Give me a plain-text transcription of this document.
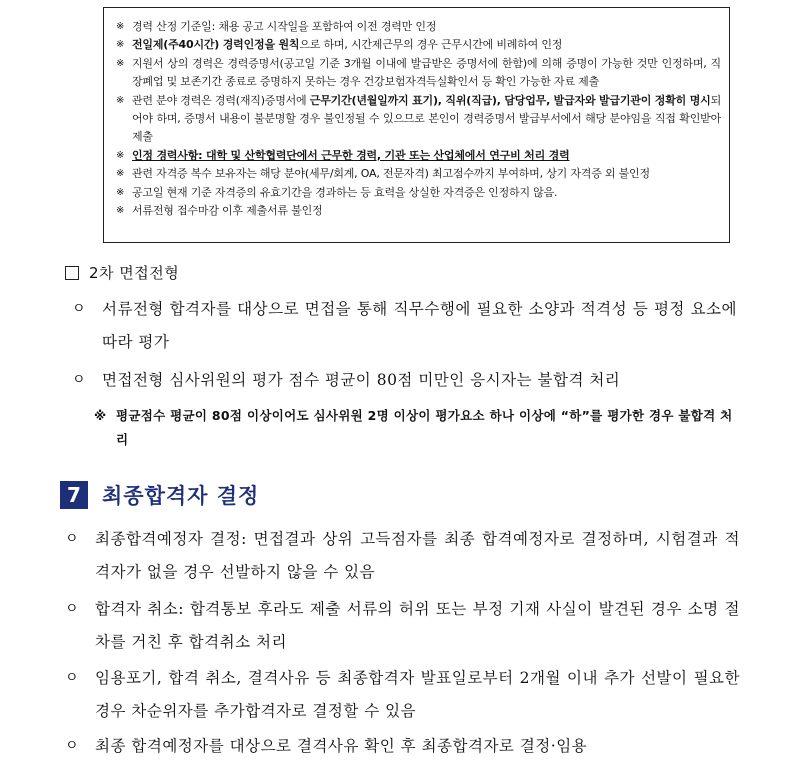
※ 경력 산정 기준일: 채용 공고 시작일을 포함하여 이전 경력만 인정
※ 전일제(주40시간) 경력인정을 원칙으로 하며, 시간제근무의 경우 근무시간에 비례하여 인정
※ 지원서 상의 경력은 경력증명서(공고일 기준 3개월 이내에 발급받은 증명서에 한함)에 의해 증명이 가능한 것만 인정하며, 직장폐업 및 보존기간 종료로 증명하지 못하는 경우 건강보험자격득실확인서 등 확인 가능한 자료 제출
※ 관련 분야 경력은 경력(재직)증명서에 근무기간(년월일까지 표기), 직위(직급), 담당업무, 발급자와 발급기관이 정확히 명시되어야 하며, 증명서 내용이 불분명할 경우 불인정될 수 있으므로 본인이 경력증명서 발급부서에서 해당 분야임을 직접 확인받아 제출
※ 인정 경력사항: 대학 및 산학협력단에서 근무한 경력, 기관 또는 산업체에서 연구비 처리 경력
※ 관련 자격증 복수 보유자는 해당 분야(세무/회계, OA, 전문자격) 최고점수까지 부여하며, 상기 자격증 외 불인정
※ 공고일 현재 기준 자격증의 유효기간을 경과하는 등 효력을 상실한 자격증은 인정하지 않음.
※ 서류전형 접수마감 이후 제출서류 불인정
2차 면접전형
ㅇ	서류전형 합격자를 대상으로 면접을 통해 직무수행에 필요한 소양과 적격성 등 평정 요소에 따라 평가
ㅇ	면접전형 심사위원의 평가 점수 평균이 80점 미만인 응시자는 불합격 처리
※ 평균점수 평균이 80점 이상이어도 심사위원 2명 이상이 평가요소 하나 이상에 “하”를 평가한 경우 불합격 처리
7	최종합격자 결정
ㅇ	최종합격예정자 결정: 면접결과 상위 고득점자를 최종 합격예정자로 결정하며, 시험결과 적격자가 없을 경우 선발하지 않을 수 있음
ㅇ	합격자 취소: 합격통보 후라도 제출 서류의 허위 또는 부정 기재 사실이 발견된 경우 소명 절차를 거친 후 합격취소 처리
ㅇ	임용포기, 합격 취소, 결격사유 등 최종합격자 발표일로부터 2개월 이내 추가 선발이 필요한 경우 차순위자를 추가합격자로 결정할 수 있음
ㅇ	최종 합격예정자를 대상으로 결격사유 확인 후 최종합격자로 결정·임용
